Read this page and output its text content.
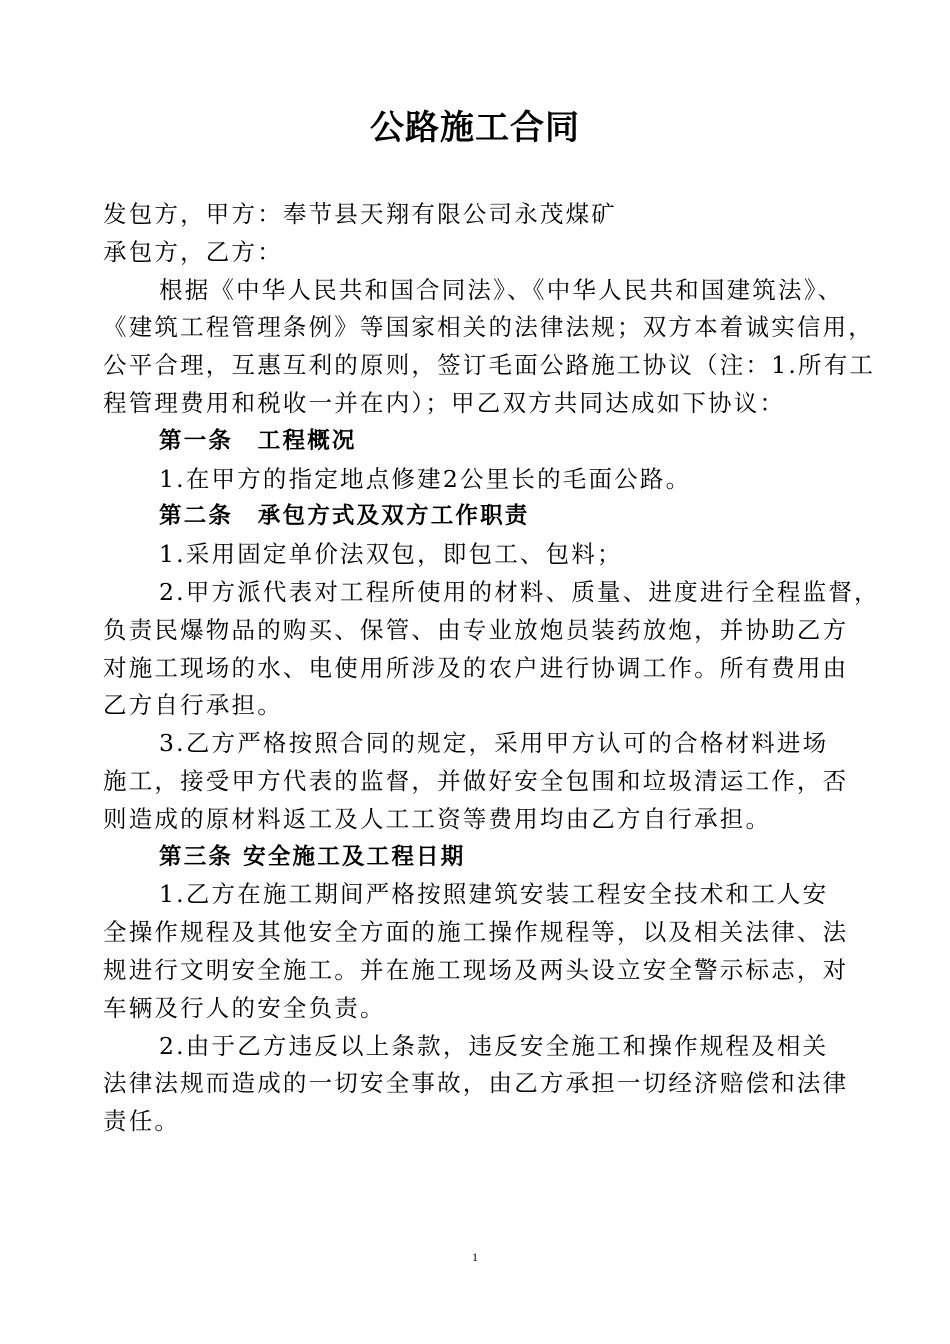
公路施工合同
发包方，甲方：奉节县天翔有限公司永茂煤矿
承包方，乙方：
根据《中华人民共和国合同法》、《中华人民共和国建筑法》、
《建筑工程管理条例》等国家相关的法律法规；双方本着诚实信用，
公平合理，互惠互利的原则，签订毛面公路施工协议（注：1.所有工
程管理费用和税收一并在内）；甲乙双方共同达成如下协议：
第一条　工程概况
1.在甲方的指定地点修建2公里长的毛面公路。
第二条　承包方式及双方工作职责
1.采用固定单价法双包，即包工、包料；
2.甲方派代表对工程所使用的材料、质量、进度进行全程监督，
负责民爆物品的购买、保管、由专业放炮员装药放炮，并协助乙方
对施工现场的水、电使用所涉及的农户进行协调工作。所有费用由
乙方自行承担。
3.乙方严格按照合同的规定，采用甲方认可的合格材料进场
施工，接受甲方代表的监督，并做好安全包围和垃圾清运工作，否
则造成的原材料返工及人工工资等费用均由乙方自行承担。
第三条 安全施工及工程日期
1.乙方在施工期间严格按照建筑安装工程安全技术和工人安
全操作规程及其他安全方面的施工操作规程等，以及相关法律、法
规进行文明安全施工。并在施工现场及两头设立安全警示标志，对
车辆及行人的安全负责。
2.由于乙方违反以上条款，违反安全施工和操作规程及相关
法律法规而造成的一切安全事故，由乙方承担一切经济赔偿和法律
责任。
1
